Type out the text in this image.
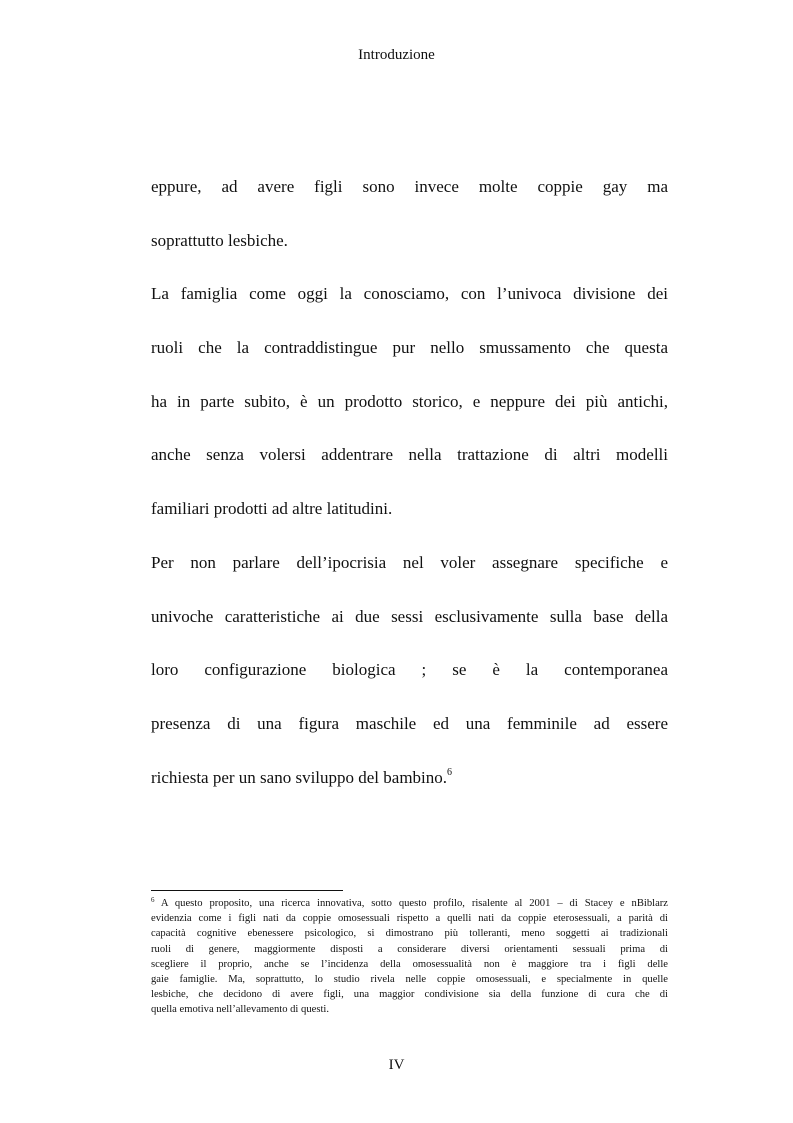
Introduzione
eppure, ad avere figli sono invece molte coppie gay ma
soprattutto lesbiche.
La famiglia come oggi la conosciamo, con l’univoca divisione dei
ruoli che la contraddistingue pur nello smussamento che questa
ha in parte subito, è un prodotto storico, e neppure dei più antichi,
anche senza volersi addentrare nella trattazione di altri modelli
familiari prodotti ad altre latitudini.
Per non parlare dell’ipocrisia nel voler assegnare specifiche e
univoche caratteristiche ai due sessi esclusivamente sulla base della
loro configurazione biologica ; se è la contemporanea
presenza di una figura maschile ed una femminile ad essere
richiesta per un sano sviluppo del bambino.$^6$
$^6$ A questo proposito, una ricerca innovativa, sotto questo profilo, risalente al 2001 – di Stacey e nBiblarz
evidenzia come i figli nati da coppie omosessuali rispetto a quelli nati da coppie eterosessuali, a parità di
capacità cognitive ebenessere psicologico, si dimostrano più tolleranti, meno soggetti ai tradizionali
ruoli di genere, maggiormente disposti a considerare diversi orientamenti sessuali prima di
scegliere il proprio, anche se l’incidenza della omosessualità non è maggiore tra i figli delle
gaie famiglie. Ma, soprattutto, lo studio rivela nelle coppie omosessuali, e specialmente in quelle
lesbiche, che decidono di avere figli, una maggior condivisione sia della funzione di cura che di
quella emotiva nell’allevamento di questi.
IV
